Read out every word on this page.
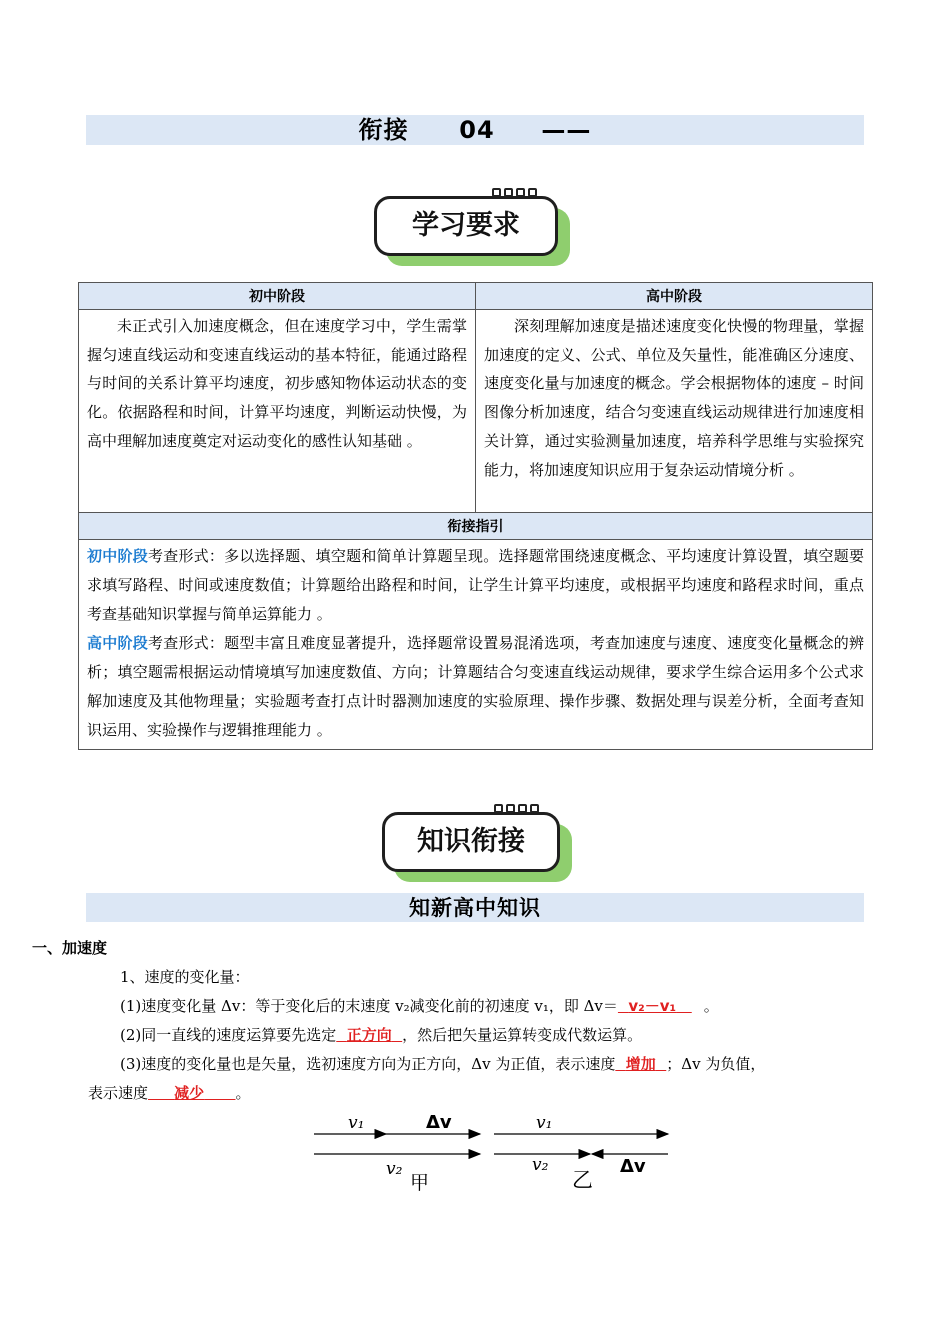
衔接 04 ——
学习要求
初中阶段	高中阶段
未正式引入加速度概念，但在速度学习中，学生需掌握匀速直线运动和变速直线运动的基本特征，能通过路程与时间的关系计算平均速度，初步感知物体运动状态的变化。依据路程和时间，计算平均速度，判断运动快慢，为高中理解加速度奠定对运动变化的感性认知基础 。	深刻理解加速度是描述速度变化快慢的物理量，掌握加速度的定义、公式、单位及矢量性，能准确区分速度、速度变化量与加速度的概念。学会根据物体的速度 – 时间图像分析加速度，结合匀变速直线运动规律进行加速度相关计算，通过实验测量加速度，培养科学思维与实验探究能力，将加速度知识应用于复杂运动情境分析 。
衔接指引	
初中阶段考查形式：多以选择题、填空题和简单计算题呈现。选择题常围绕速度概念、平均速度计算设置，填空题要求填写路程、时间或速度数值；计算题给出路程和时间，让学生计算平均速度，或根据平均速度和路程求时间，重点考查基础知识掌握与简单运算能力 。
高中阶段考查形式：题型丰富且难度显著提升，选择题常设置易混淆选项，考查加速度与速度、速度变化量概念的辨析；填空题需根据运动情境填写加速度数值、方向；计算题结合匀变速直线运动规律，要求学生综合运用多个公式求解加速度及其他物理量；实验题考查打点计时器测加速度的实验原理、操作步骤、数据处理与误差分析，全面考查知识运用、实验操作与逻辑推理能力 。	
知识衔接
知新高中知识
一、加速度
1、速度的变化量：
(1)速度变化量 Δv：等于变化后的末速度 v₂减变化前的初速度 v₁，即 Δv＝ v₂－v₁ 。
(2)同一直线的速度运算要先选定 正方向 ，然后把矢量运算转变成代数运算。
(3)速度的变化量也是矢量，选初速度方向为正方向，Δv 为正值，表示速度 增加 ；Δv 为负值，
表示速度 减少 。
v₁	Δv
v₂
甲
v₁
v₂	Δv
乙
